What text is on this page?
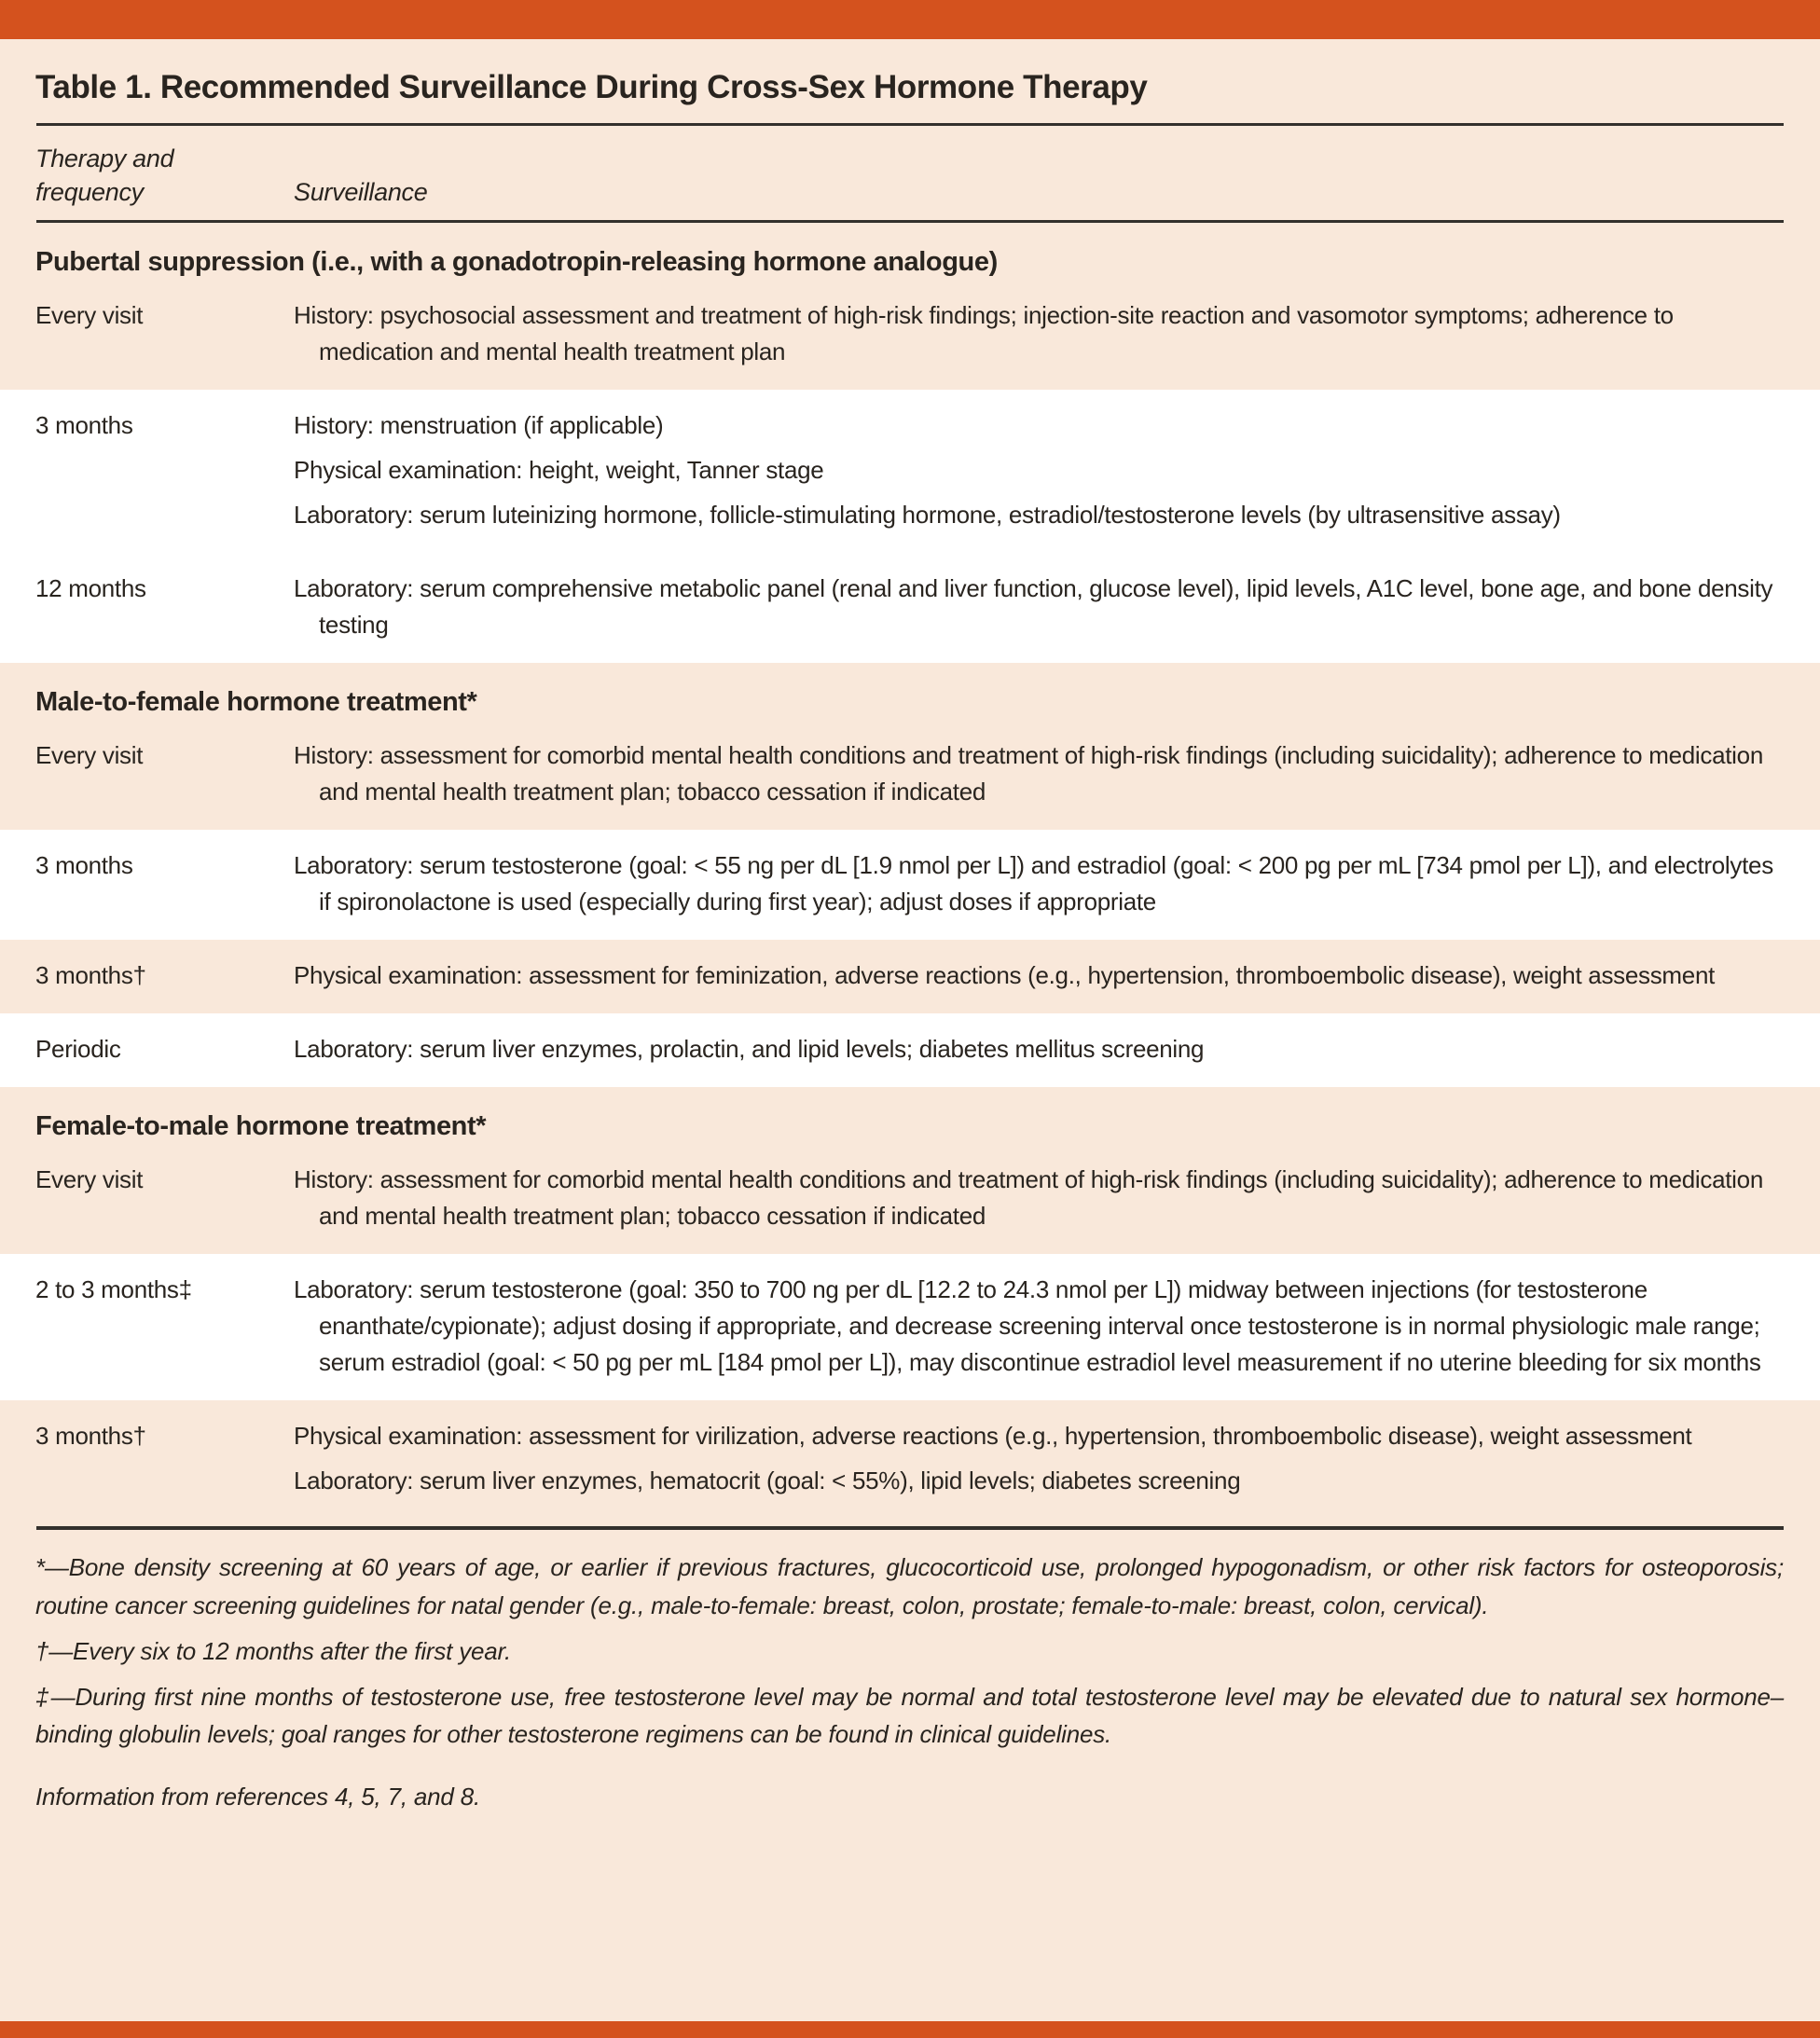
Table 1. Recommended Surveillance During Cross-Sex Hormone Therapy
Therapy and
frequency	Surveillance
Pubertal suppression (i.e., with a gonadotropin-releasing hormone analogue)
Every visit	History: psychosocial assessment and treatment of high-risk findings; injection-site reaction and vasomotor symptoms; adherence to medication and mental health treatment plan

3 months	History: menstruation (if applicable)

Physical examination: height, weight, Tanner stage

Laboratory: serum luteinizing hormone, follicle-stimulating hormone, estradiol/testosterone levels (by ultrasensitive assay)

12 months	Laboratory: serum comprehensive metabolic panel (renal and liver function, glucose level), lipid levels, A1C level, bone age, and bone density testing

Male-to-female hormone treatment*
Every visit	History: assessment for comorbid mental health conditions and treatment of high-risk findings (including suicidality); adherence to medication and mental health treatment plan; tobacco cessation if indicated

3 months	Laboratory: serum testosterone (goal: < 55 ng per dL [1.9 nmol per L]) and estradiol (goal: < 200 pg per mL [734 pmol per L]), and electrolytes if spironolactone is used (especially during first year); adjust doses if appropriate

3 months†	Physical examination: assessment for feminization, adverse reactions (e.g., hypertension, thromboembolic disease), weight assessment

Periodic	Laboratory: serum liver enzymes, prolactin, and lipid levels; diabetes mellitus screening

Female-to-male hormone treatment*
Every visit	History: assessment for comorbid mental health conditions and treatment of high-risk findings (including suicidality); adherence to medication and mental health treatment plan; tobacco cessation if indicated

2 to 3 months‡	Laboratory: serum testosterone (goal: 350 to 700 ng per dL [12.2 to 24.3 nmol per L]) midway between injections (for testosterone enanthate/cypionate); adjust dosing if appropriate, and decrease screening interval once testosterone is in normal physiologic male range; serum estradiol (goal: < 50 pg per mL [184 pmol per L]), may discontinue estradiol level measurement if no uterine bleeding for six months

3 months†	Physical examination: assessment for virilization, adverse reactions (e.g., hypertension, thromboembolic disease), weight assessment

Laboratory: serum liver enzymes, hematocrit (goal: < 55%), lipid levels; diabetes screening

*—Bone density screening at 60 years of age, or earlier if previous fractures, glucocorticoid use, prolonged hypogonadism, or other risk factors for osteoporosis; routine cancer screening guidelines for natal gender (e.g., male-to-female: breast, colon, prostate; female-to-male: breast, colon, cervical).

†—Every six to 12 months after the first year.

‡—During first nine months of testosterone use, free testosterone level may be normal and total testosterone level may be elevated due to natural sex hormone–binding globulin levels; goal ranges for other testosterone regimens can be found in clinical guidelines.

Information from references 4, 5, 7, and 8.
